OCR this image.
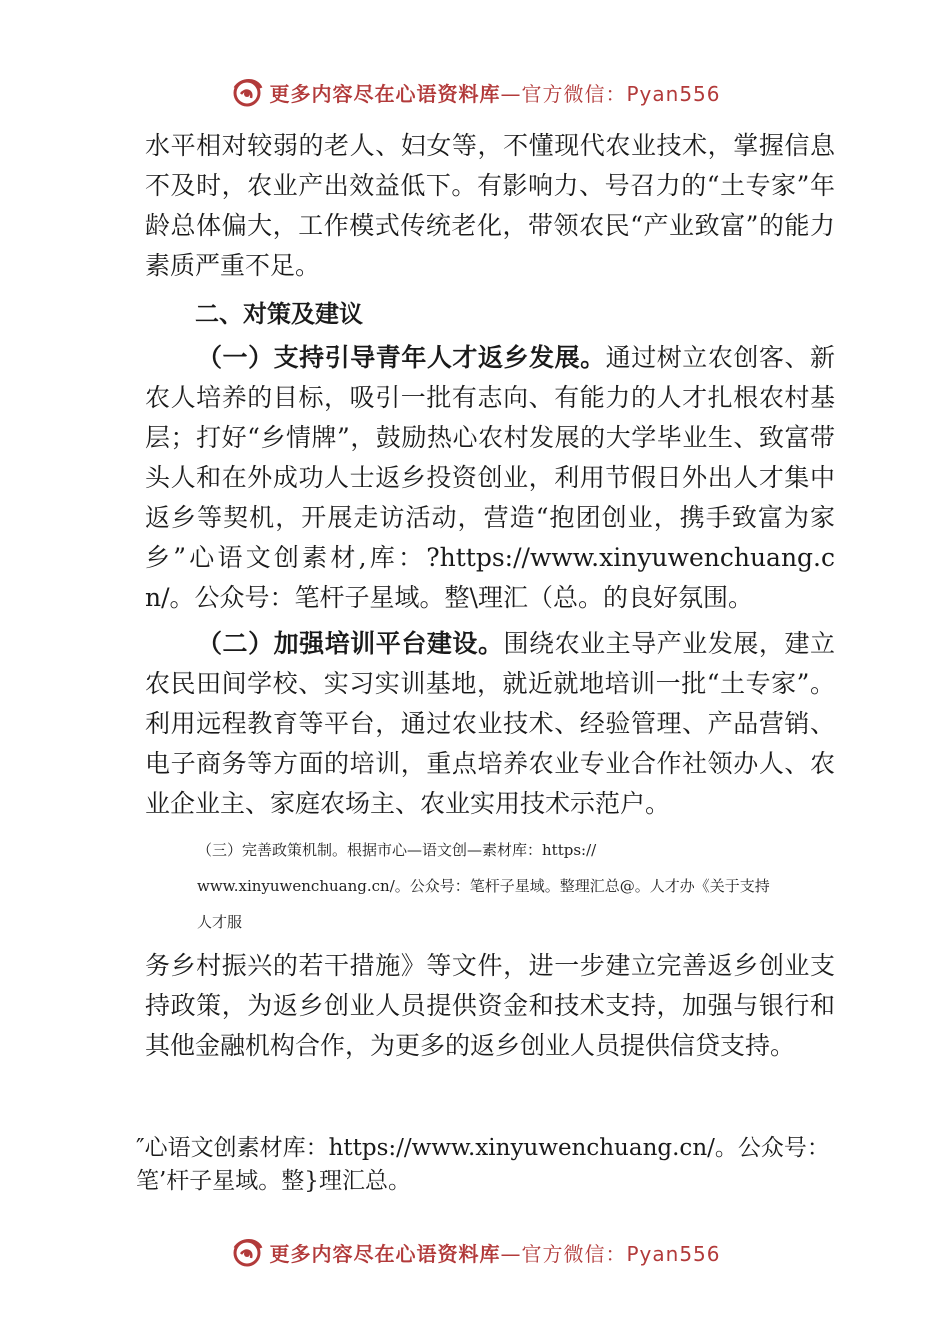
更多内容尽在心语资料库—官方微信：Pyan556

水平相对较弱的老人、妇女等，不懂现代农业技术，掌握信息不及时，农业产出效益低下。有影响力、号召力的“土专家”年龄总体偏大，工作模式传统老化，带领农民“产业致富”的能力素质严重不足。

二、对策及建议

（一）支持引导青年人才返乡发展。通过树立农创客、新农人培养的目标，吸引一批有志向、有能力的人才扎根农村基层；打好“乡情牌”，鼓励热心农村发展的大学毕业生、致富带头人和在外成功人士返乡投资创业，利用节假日外出人才集中返乡等契机，开展走访活动，营造“抱团创业，携手致富为家乡”心语文创素材,库：?https://www.xinyuwenchuang.cn/。公众号：笔杆子星域。整\理汇（总。的良好氛围。

（二）加强培训平台建设。围绕农业主导产业发展，建立农民田间学校、实习实训基地，就近就地培训一批“土专家”。利用远程教育等平台，通过农业技术、经验管理、产品营销、电子商务等方面的培训，重点培养农业专业合作社领办人、农业企业主、家庭农场主、农业实用技术示范户。

（三）完善政策机制。根据市心—语文创—素材库：https://
www.xinyuwenchuang.cn/。公众号：笔杆子星域。整理汇总@。人才办《关于支持
人才服

务乡村振兴的若干措施》等文件，进一步建立完善返乡创业支持政策，为返乡创业人员提供资金和技术支持，加强与银行和其他金融机构合作，为更多的返乡创业人员提供信贷支持。

″心语文创素材库：https://www.xinyuwenchuang.cn/。公众号：笔’杆子星域。整}理汇总。
更多内容尽在心语资料库—官方微信：Pyan556
